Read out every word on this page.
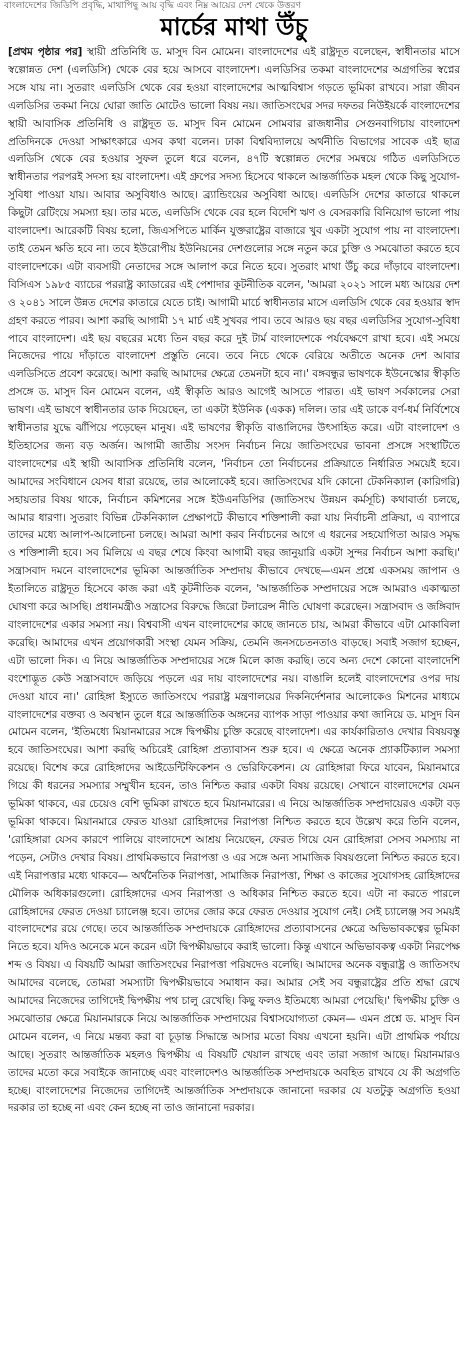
বাংলাদেশের জিডিপি প্রবৃদ্ধি, মাথাপিছু আয় বৃদ্ধি এবং নিম্ন আয়ের দেশ থেকে উত্তরণ
মার্চের মাথা উঁচু

[প্রথম পৃষ্ঠার পর] স্থায়ী প্রতিনিধি ড. মাসুদ বিন মোমেন। বাংলাদেশের এই রাষ্ট্রদূত বলেছেন, স্বাধীনতার মাসে স্বল্পোন্নত দেশ (এলডিসি) থেকে বের হয়ে আসবে বাংলাদেশ। এলডিসির তকমা বাংলাদেশের অগ্রগতির স্বপ্নের সঙ্গে যায় না। সুতরাং এলডিসি থেকে বের হওয়া বাংলাদেশের আত্মবিশ্বাস গড়তে ভূমিকা রাখবে। সারা জীবন এলডিসির তকমা নিয়ে ঘোরা জাতি মোটেও ভালো বিষয় নয়। জাতিসংঘের সদর দফতর নিউইয়র্কে বাংলাদেশের স্থায়ী আবাসিক প্রতিনিধি ও রাষ্ট্রদূত ড. মাসুদ বিন মোমেন সোমবার রাজধানীর সেগুনবাগিচায় বাংলাদেশ প্রতিদিনকে দেওয়া সাক্ষাৎকারে এসব কথা বলেন। ঢাকা বিশ্ববিদ্যালয়ে অর্থনীতি বিভাগের সাবেক এই ছাত্র এলডিসি থেকে বের হওয়ার সুফল তুলে ধরে বলেন, ৪৭টি স্বল্পোন্নত দেশের সমন্বয়ে গঠিত এলডিসিতে স্বাধীনতার পরপরই সদস্য হয় বাংলাদেশ। এই গ্রুপের সদস্য হিসেবে থাকলে আন্তর্জাতিক মহল থেকে কিছু সুযোগ-সুবিধা পাওয়া যায়। আবার অসুবিধাও আছে। ব্র্যান্ডিংয়ের অসুবিধা আছে। এলডিসি দেশের কাতারে থাকলে কিছুটা রেটিংয়ে সমস্যা হয়। তার মতে, এলডিসি থেকে বের হলে বিদেশি ঋণ ও বেসরকারি বিনিয়োগ ভালো পায় বাংলাদেশ। আরেকটি বিষয় হলো, জিএসপিতে মার্কিন যুক্তরাষ্ট্রের বাজারে খুব একটা সুযোগ পায় না বাংলাদেশ। তাই তেমন ক্ষতি হবে না। তবে ইউরোপীয় ইউনিয়নের দেশগুলোর সঙ্গে নতুন করে চুক্তি ও সমঝোতা করতে হবে বাংলাদেশকে। এটা ব্যবসায়ী নেতাদের সঙ্গে আলাপ করে নিতে হবে। সুতরাং মাথা উঁচু করে দাঁড়াবে বাংলাদেশ। বিসিএস ১৯৮৫ ব্যাচের পররাষ্ট্র ক্যাডারের এই পেশাদার কূটনীতিক বলেন, 'আমরা ২০২১ সালে মধ্য আয়ের দেশ ও ২০৪১ সালে উন্নত দেশের কাতারে যেতে চাই। আগামী মার্চে স্বাধীনতার মাসে এলডিসি থেকে বের হওয়ার স্বাদ গ্রহণ করতে পারব। আশা করছি আগামী ১৭ মার্চ এই সুখবর পাব। তবে আরও ছয় বছর এলডিসির সুযোগ-সুবিধা পাবে বাংলাদেশ। এই ছয় বছরের মধ্যে তিন বছর করে দুই টার্ম বাংলাদেশকে পর্যবেক্ষণে রাখা হবে। এই সময়ে নিজেদের পায়ে দাঁড়াতে বাংলাদেশ প্রস্তুতি নেবে। তবে নিচে থেকে বেরিয়ে অতীতে অনেক দেশ আবার এলডিসিতে প্রবেশ করেছে। আশা করছি আমাদের ক্ষেত্রে তেমনটা হবে না।' বঙ্গবন্ধুর ভাষণকে ইউনেস্কোর স্বীকৃতি প্রসঙ্গে ড. মাসুদ বিন মোমেন বলেন, এই স্বীকৃতি আরও আগেই আসতে পারত। এই ভাষণ সর্বকালের সেরা ভাষণ। এই ভাষণে স্বাধীনতার ডাক দিয়েছেন, তা একটা ইউনিক (একক) দলিল। তার এই ডাকে বর্ণ-ধর্ম নির্বিশেষে স্বাধীনতার যুদ্ধে ঝাঁপিয়ে পড়েছেন মানুষ। এই ভাষণের স্বীকৃতি বাঙালিদের উৎসাহিত করে। এটা বাংলাদেশ ও ইতিহাসের জন্য বড় অর্জন। আগামী জাতীয় সংসদ নির্বাচন নিয়ে জাতিসংঘের ভাবনা প্রসঙ্গে সংস্থাটিতে বাংলাদেশের এই স্থায়ী আবাসিক প্রতিনিধি বলেন, 'নির্বাচন তো নির্বাচনের প্রক্রিয়াতে নির্ধারিত সময়েই হবে। আমাদের সংবিধানে যেসব ধারা রয়েছে, তার আলোকেই হবে। জাতিসংঘের যদি কোনো টেকনিক্যাল (কারিগরি) সহায়তার বিষয় থাকে, নির্বাচন কমিশনের সঙ্গে ইউএনডিপির (জাতিসংঘ উন্নয়ন কর্মসূচি) কথাবার্তা চলছে, আমার ধারণা। সুতরাং বিভিন্ন টেকনিক্যাল প্রেক্ষাপটে কীভাবে শক্তিশালী করা যায় নির্বাচনী প্রক্রিয়া, এ ব্যাপারে তাদের মধ্যে আলাপ-আলোচনা চলছে। আমরা আশা করব নির্বাচনের আগে এ ধরনের সহযোগিতা আরও সমৃদ্ধ ও শক্তিশালী হবে। সব মিলিয়ে এ বছর শেষে কিংবা আগামী বছর জানুয়ারি একটা সুন্দর নির্বাচন আশা করছি।' সন্ত্রাসবাদ দমনে বাংলাদেশের ভূমিকা আন্তর্জাতিক সম্প্রদায় কীভাবে দেখছে—এমন প্রশ্নে একসময় জাপান ও ইতালিতে রাষ্ট্রদূত হিসেবে কাজ করা এই কূটনীতিক বলেন, 'আন্তর্জাতিক সম্প্রদায়ের সঙ্গে আমরাও একাত্মতা ঘোষণা করে আসছি। প্রধানমন্ত্রীও সন্ত্রাসের বিরুদ্ধে জিরো টলারেন্স নীতি ঘোষণা করেছেন। সন্ত্রাসবাদ ও জঙ্গিবাদ বাংলাদেশের একার সমস্যা নয়। বিশ্ববাসী এখন বাংলাদেশের কাছে জানতে চায়, আমরা কীভাবে এটা মোকাবিলা করেছি। আমাদের এখন প্রয়োগকারী সংস্থা যেমন সক্রিয়, তেমনি জনসচেতনতাও বাড়ছে। সবাই সজাগ হচ্ছেন, এটা ভালো দিক। এ নিয়ে আন্তর্জাতিক সম্প্রদায়ের সঙ্গে মিলে কাজ করছি। তবে অন্য দেশে কোনো বাংলাদেশি বংশোদ্ভূত কেউ সন্ত্রাসবাদে জড়িয়ে পড়লে এর দায় বাংলাদেশের নয়। বাঙালি হলেই বাংলাদেশের ওপর দায় দেওয়া যাবে না।' রোহিঙ্গা ইস্যুতে জাতিসংঘে পররাষ্ট্র মন্ত্রণালয়ের দিকনির্দেশনার আলোকেও মিশনের মাধ্যমে বাংলাদেশের বক্তব্য ও অবস্থান তুলে ধরে আন্তর্জাতিক অঙ্গনের ব্যাপক সাড়া পাওয়ার কথা জানিয়ে ড. মাসুদ বিন মোমেন বলেন, 'ইতিমধ্যে মিয়ানমারের সঙ্গে দ্বিপক্ষীয় চুক্তি করেছে বাংলাদেশ। এর কার্যকারিতাও দেখার বিষয়বস্তু হবে জাতিসংঘের। আশা করছি অচিরেই রোহিঙ্গা প্রত্যাবাসন শুরু হবে। এ ক্ষেত্রে অনেক প্র্যাকটিক্যাল সমস্যা রয়েছে। বিশেষ করে রোহিঙ্গাদের আইডেন্টিফিকেশন ও ভেরিফিকেশন। যে রোহিঙ্গারা ফিরে যাবেন, মিয়ানমারে গিয়ে কী ধরনের সমস্যার সম্মুখীন হবেন, তাও নিশ্চিত করার একটা বিষয় রয়েছে। সেখানে বাংলাদেশের যেমন ভূমিকা থাকবে, এর চেয়েও বেশি ভূমিকা রাখতে হবে মিয়ানমারের। এ নিয়ে আন্তর্জাতিক সম্প্রদায়েরও একটা বড় ভূমিকা থাকবে। মিয়ানমারে ফেরত যাওয়া রোহিঙ্গাদের নিরাপত্তা নিশ্চিত করতে হবে উল্লেখ করে তিনি বলেন, 'রোহিঙ্গারা যেসব কারণে পালিয়ে বাংলাদেশে আশ্রয় নিয়েছেন, ফেরত গিয়ে যেন রোহিঙ্গারা সেসব সমস্যায় না পড়েন, সেটাও দেখার বিষয়। প্রাথমিকভাবে নিরাপত্তা ও এর সঙ্গে অন্য সামাজিক বিষয়গুলো নিশ্চিত করতে হবে। এই নিরাপত্তার মধ্যে থাকবে— অর্থনৈতিক নিরাপত্তা, সামাজিক নিরাপত্তা, শিক্ষা ও কাজের সুযোগসহ রোহিঙ্গাদের মৌলিক অধিকারগুলো। রোহিঙ্গাদের এসব নিরাপত্তা ও অধিকার নিশ্চিত করতে হবে। এটা না করতে পারলে রোহিঙ্গাদের ফেরত দেওয়া চ্যালেঞ্জ হবে। তাদের জোর করে ফেরত দেওয়ার সুযোগ নেই। সেই চ্যালেঞ্জ সব সময়ই বাংলাদেশের রয়ে গেছে। তবে আন্তর্জাতিক সম্প্রদায়কে রোহিঙ্গাদের প্রত্যাবাসনের ক্ষেত্রে অভিভাবকত্বের ভূমিকা নিতে হবে। যদিও অনেকে মনে করেন এটা দ্বিপক্ষীয়ভাবে করাই ভালো। কিন্তু এখানে অভিভাবকত্ব একটা নিরপেক্ষ শব্দ ও বিষয়। এ বিষয়টি আমরা জাতিসংঘের নিরাপত্তা পরিষদেও বলেছি। আমাদের অনেক বন্ধুরাষ্ট্র ও জাতিসংঘ আমাদের বলেছে, তোমরা সমস্যাটা দ্বিপক্ষীয়ভাবে সমাধান কর। আমার সেই সব বন্ধুরাষ্ট্রের প্রতি শ্রদ্ধা রেখে আমাদের নিজেদের তাগিদেই দ্বিপক্ষীয় পথ চালু রেখেছি। কিছু ফলও ইতিমধ্যে আমরা পেয়েছি।' দ্বিপক্ষীয় চুক্তি ও সমঝোতার ক্ষেত্রে মিয়ানমারকে নিয়ে আন্তর্জাতিক সম্প্রদায়ের বিশ্বাসযোগ্যতা কেমন— এমন প্রশ্নে ড. মাসুদ বিন মোমেন বলেন, এ নিয়ে মন্তব্য করা বা চূড়ান্ত সিদ্ধান্তে আসার মতো বিষয় এখনো হয়নি। এটা প্রাথমিক পর্যায়ে আছে। সুতরাং আন্তর্জাতিক মহলও দ্বিপক্ষীয় এ বিষয়টি খেয়াল রাখছে এবং তারা সজাগ আছে। মিয়ানমারও তাদের মতো করে সবাইকে জানাচ্ছে এবং বাংলাদেশও আন্তর্জাতিক সম্প্রদায়কে অবহিত রাখবে যে কী অগ্রগতি হচ্ছে। বাংলাদেশের নিজেদের তাগিদেই আন্তর্জাতিক সম্প্রদায়কে জানানো দরকার যে যতটুকু অগ্রগতি হওয়া দরকার তা হচ্ছে না এবং কেন হচ্ছে না তাও জানানো দরকার।
